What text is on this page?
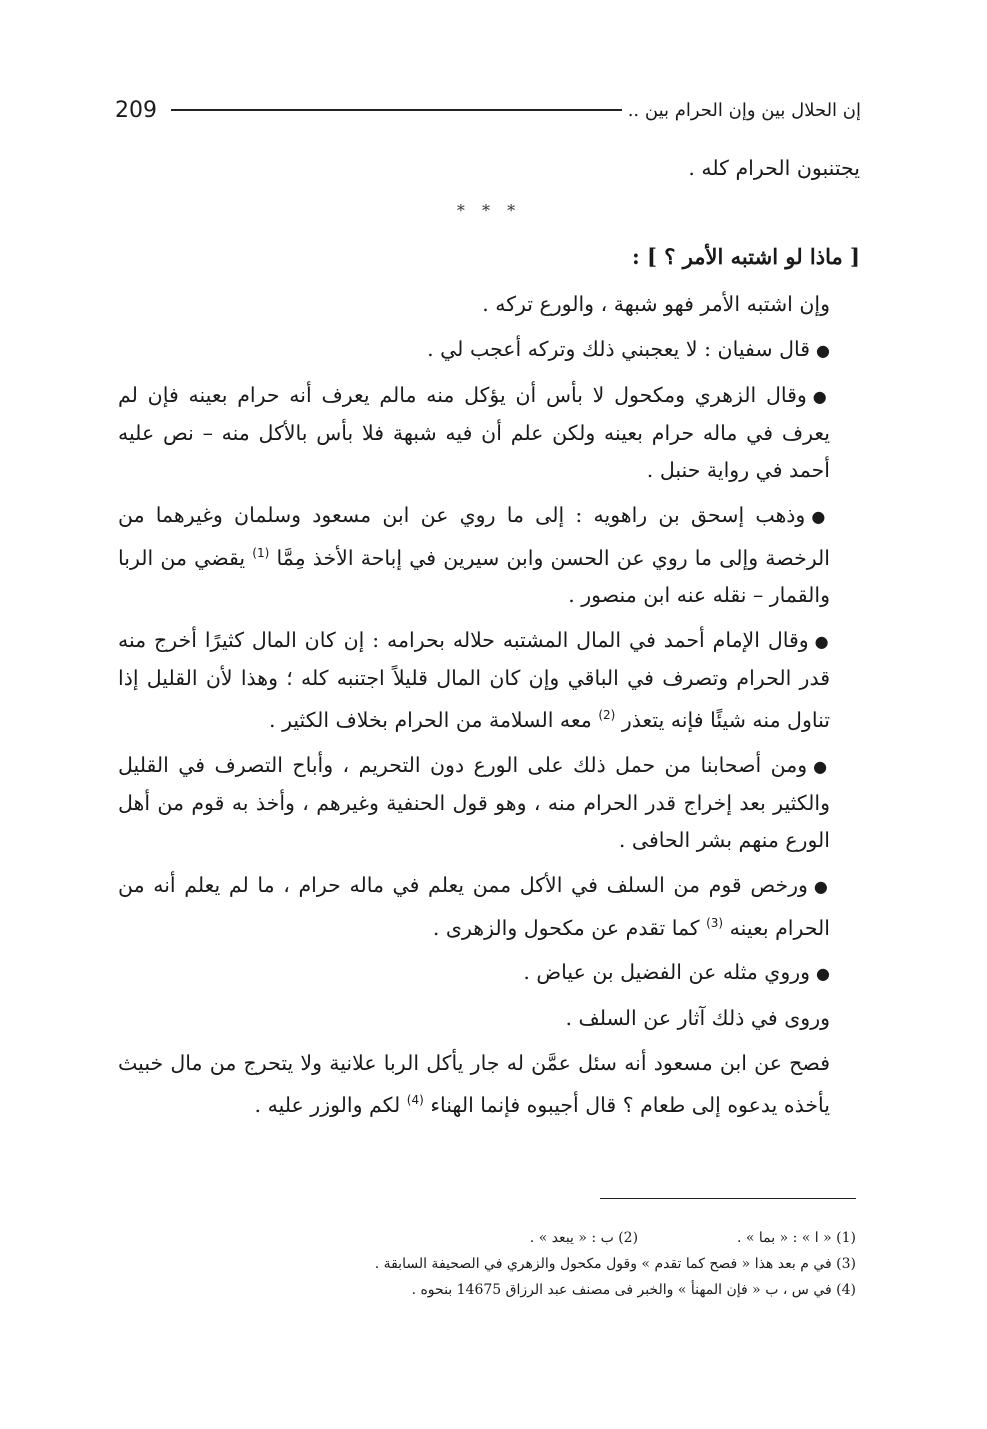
209	إن الحلال بين وإن الحرام بين ..

يجتنبون الحرام كله .

* * *

[ ماذا لو اشتبه الأمر ؟ ] :

وإن اشتبه الأمر فهو شبهة ، والورع تركه .

●قال سفيان : لا يعجبني ذلك وتركه أعجب لي .

●وقال الزهري ومكحول لا بأس أن يؤكل منه مالم يعرف أنه حرام بعينه فإن لم يعرف في ماله حرام بعينه ولكن علم أن فيه شبهة فلا بأس بالأكل منه – نص عليه أحمد في رواية حنبل .

●وذهب إسحق بن راهويه : إلى ما روي عن ابن مسعود وسلمان وغيرهما من الرخصة وإلى ما روي عن الحسن وابن سيرين في إباحة الأخذ مِمَّا $^{(1)}$ يقضي من الربا والقمار – نقله عنه ابن منصور .

●وقال الإمام أحمد في المال المشتبه حلاله بحرامه : إن كان المال كثيرًا أخرج منه قدر الحرام وتصرف في الباقي وإن كان المال قليلاً اجتنبه كله ؛ وهذا لأن القليل إذا تناول منه شيئًا فإنه يتعذر $^{(2)}$ معه السلامة من الحرام بخلاف الكثير .

●ومن أصحابنا من حمل ذلك على الورع دون التحريم ، وأباح التصرف في القليل والكثير بعد إخراج قدر الحرام منه ، وهو قول الحنفية وغيرهم ، وأخذ به قوم من أهل الورع منهم بشر الحافى .

●ورخص قوم من السلف في الأكل ممن يعلم في ماله حرام ، ما لم يعلم أنه من الحرام بعينه $^{(3)}$ كما تقدم عن مكحول والزهرى .

●وروي مثله عن الفضيل بن عياض .

وروى في ذلك آثار عن السلف .

فصح عن ابن مسعود أنه سئل عمَّن له جار يأكل الربا علانية ولا يتحرج من مال خبيث يأخذه يدعوه إلى طعام ؟ قال أجيبوه فإنما الهناء $^{(4)}$ لكم والوزر عليه .

(1) « ا » : « بما » .  (2) ب : « يبعد » .
(3) في م بعد هذا « فصح كما تقدم » وقول مكحول والزهري في الصحيفة السابقة .
(4) في س ، ب « فإن المهنأ » والخبر فى مصنف عبد الرزاق 14675 بنحوه .
